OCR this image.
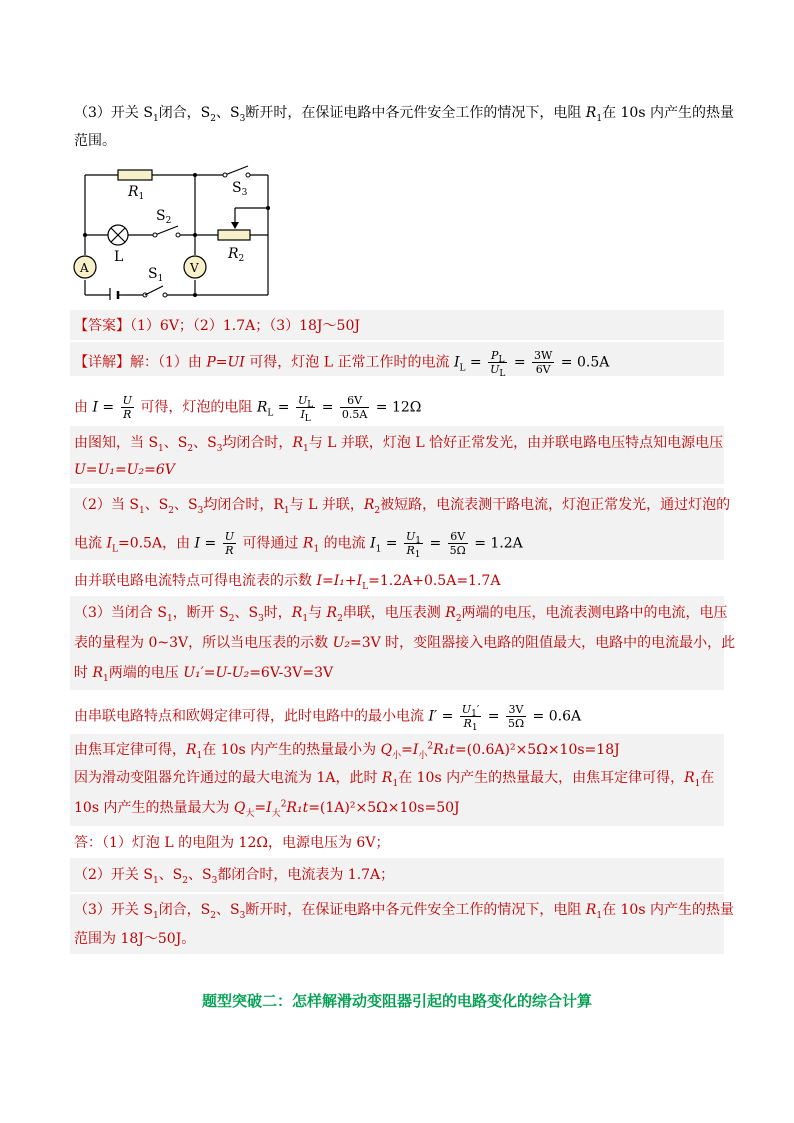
（3）开关 $S_1$闭合，$S_2$、$S_3$断开时，在保证电路中各元件安全工作的情况下，电阻 $R_1$在 10s 内产生的热量
范围。
$R_1$
$S_3$
$S_2$
$R_2$
L
$S_1$
A	V
【答案】（1）6V；（2）1.7A；（3）18J～50J
【详解】解：（1）由 P=UI 可得，灯泡 L 正常工作时的电流 $I_L = \frac{P_L}{U_L} = \frac{3W}{6V} = 0.5A$
由 $I = \frac{U}{R}$ 可得，灯泡的电阻 $R_L = \frac{U_L}{I_L} = \frac{6V}{0.5A} = 12\Omega$
由图知，当 $S_1$、$S_2$、$S_3$均闭合时，$R_1$与 L 并联，灯泡 L 恰好正常发光，由并联电路电压特点知电源电压
U=U₁=U₂=6V
（2）当 $S_1$、$S_2$、$S_3$均闭合时，$R_1$与 L 并联，$R_2$被短路，电流表测干路电流，灯泡正常发光，通过灯泡的
电流 $I_L=0.5A$，由 $I = \frac{U}{R}$ 可得通过 $R_1$ 的电流 $I_1 = \frac{U_1}{R_1} = \frac{6V}{5\Omega} = 1.2A$
由并联电路电流特点可得电流表的示数 $I=I_1+I_L=1.2A+0.5A=1.7A$
（3）当闭合 $S_1$，断开 $S_2$、$S_3$时，$R_1$与 $R_2$串联，电压表测 $R_2$两端的电压，电流表测电路中的电流，电压
表的量程为 0~3V，所以当电压表的示数 U₂=3V 时，变阻器接入电路的阻值最大，电路中的电流最小，此
时 $R_1$两端的电压 U₁′=U-U₂=6V-3V=3V
由串联电路特点和欧姆定律可得，此时电路中的最小电流 $I' = \frac{U_1'}{R_1} = \frac{3V}{5\Omega} = 0.6A$
由焦耳定律可得，$R_1$在 10s 内产生的热量最小为 $Q_小=I_小^2R_1t=(0.6A)^2\times 5\Omega\times 10s=18J$
因为滑动变阻器允许通过的最大电流为 1A，此时 $R_1$在 10s 内产生的热量最大，由焦耳定律可得，$R_1$在
10s 内产生的热量最大为 $Q_大=I_大^2R_1t=(1A)^2\times 5\Omega\times 10s=50J$
答：（1）灯泡 L 的电阻为 12Ω，电源电压为 6V；
（2）开关 $S_1$、$S_2$、$S_3$都闭合时，电流表为 1.7A；
（3）开关 $S_1$闭合，$S_2$、$S_3$断开时，在保证电路中各元件安全工作的情况下，电阻 $R_1$在 10s 内产生的热量
范围为 18J～50J。
题型突破二：怎样解滑动变阻器引起的电路变化的综合计算
